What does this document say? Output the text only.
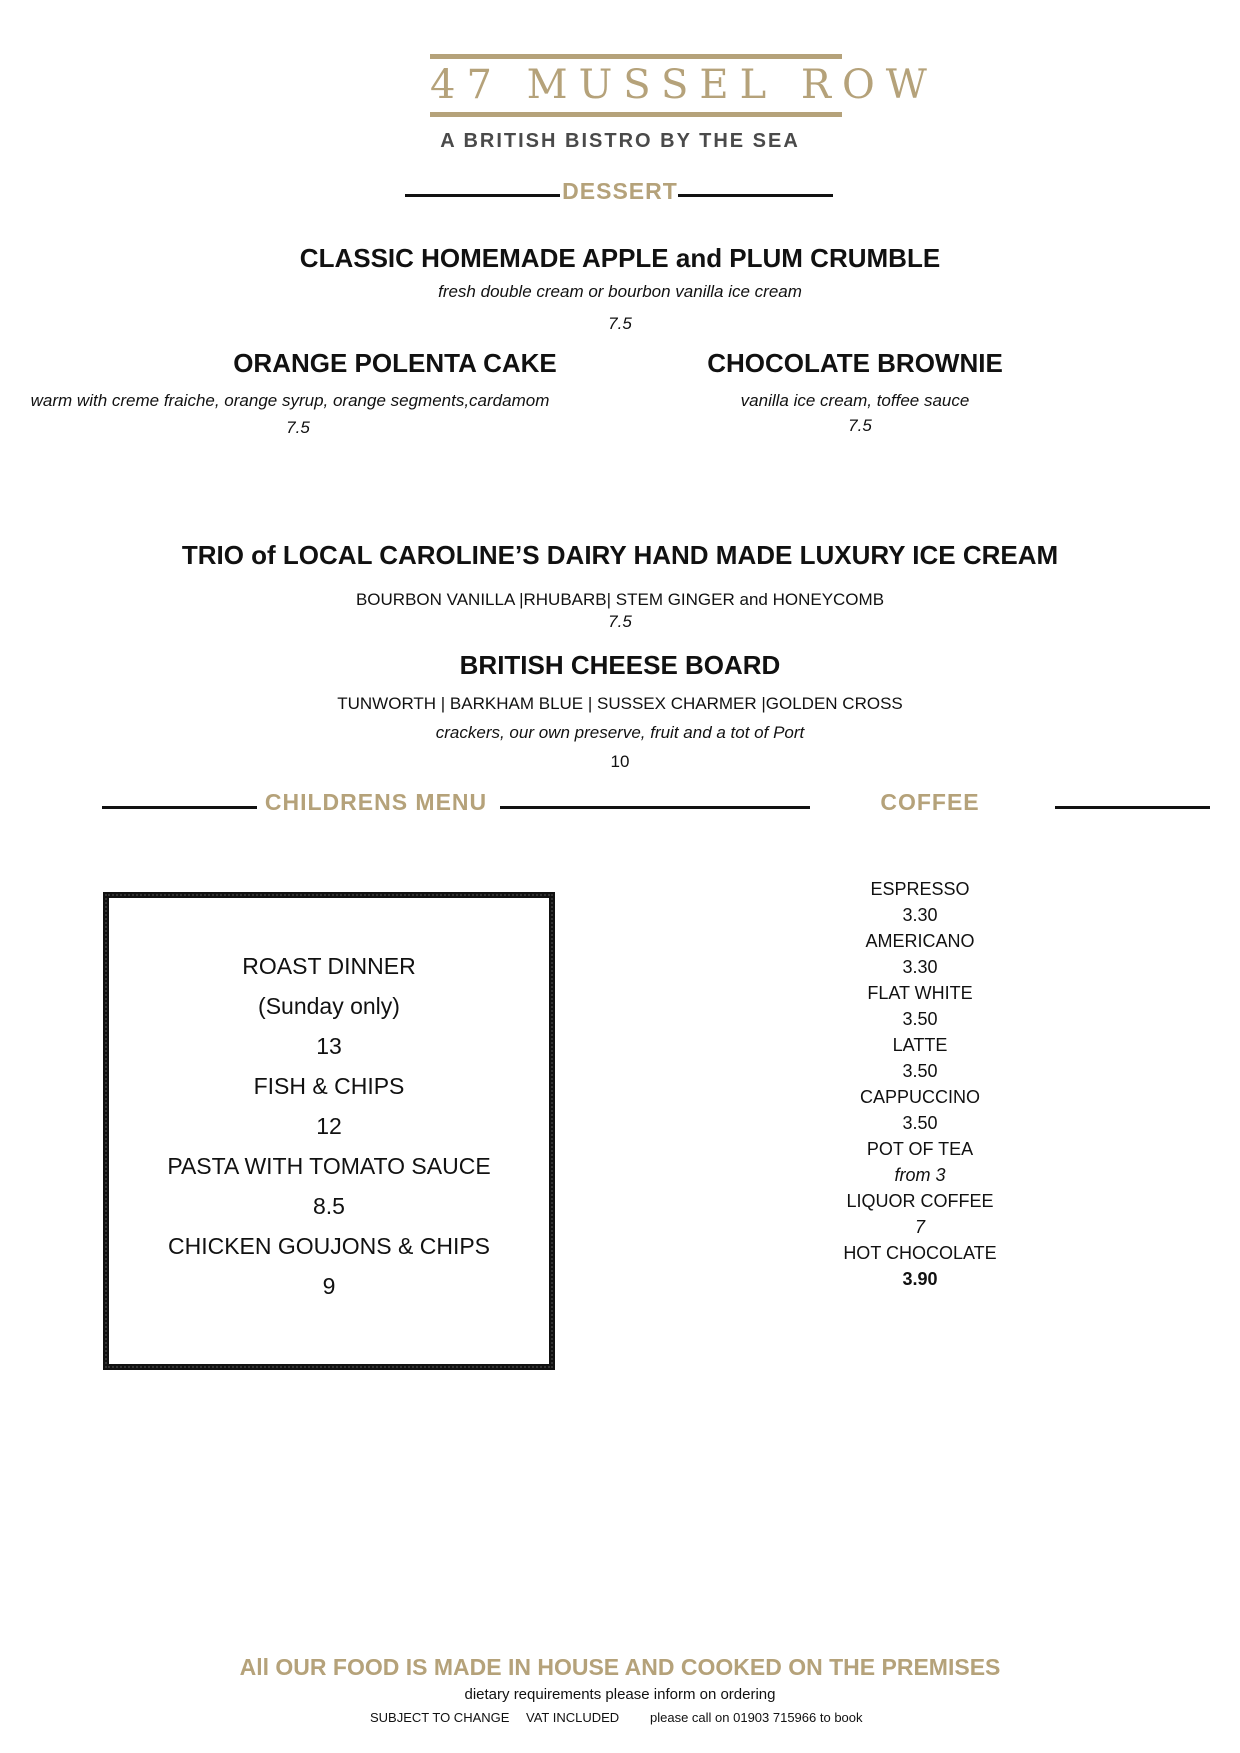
47 MUSSEL ROW
A BRITISH BISTRO BY THE SEA
DESSERT
CLASSIC HOMEMADE APPLE and PLUM CRUMBLE
fresh double cream or bourbon vanilla ice cream
7.5
ORANGE POLENTA CAKE
warm with creme fraiche, orange syrup, orange segments,cardamom
7.5
CHOCOLATE BROWNIE
vanilla ice cream, toffee sauce
7.5
TRIO of LOCAL CAROLINE’S DAIRY HAND MADE LUXURY ICE CREAM
BOURBON VANILLA |RHUBARB| STEM GINGER and HONEYCOMB
7.5
BRITISH CHEESE BOARD
TUNWORTH | BARKHAM BLUE | SUSSEX CHARMER |GOLDEN CROSS
crackers, our own preserve, fruit and a tot of Port
10
CHILDRENS MENU	COFFEE
ROAST DINNER
(Sunday only)
13
FISH & CHIPS
12
PASTA WITH TOMATO SAUCE
8.5
CHICKEN GOUJONS & CHIPS
9
ESPRESSO
3.30
AMERICANO
3.30
FLAT WHITE
3.50
LATTE
3.50
CAPPUCCINO
3.50
POT OF TEA
from 3
LIQUOR COFFEE
7
HOT CHOCOLATE
3.90
All OUR FOOD IS MADE IN HOUSE AND COOKED ON THE PREMISES
dietary requirements please inform on ordering
SUBJECT TO CHANGE VAT INCLUDED please call on 01903 715966 to book
